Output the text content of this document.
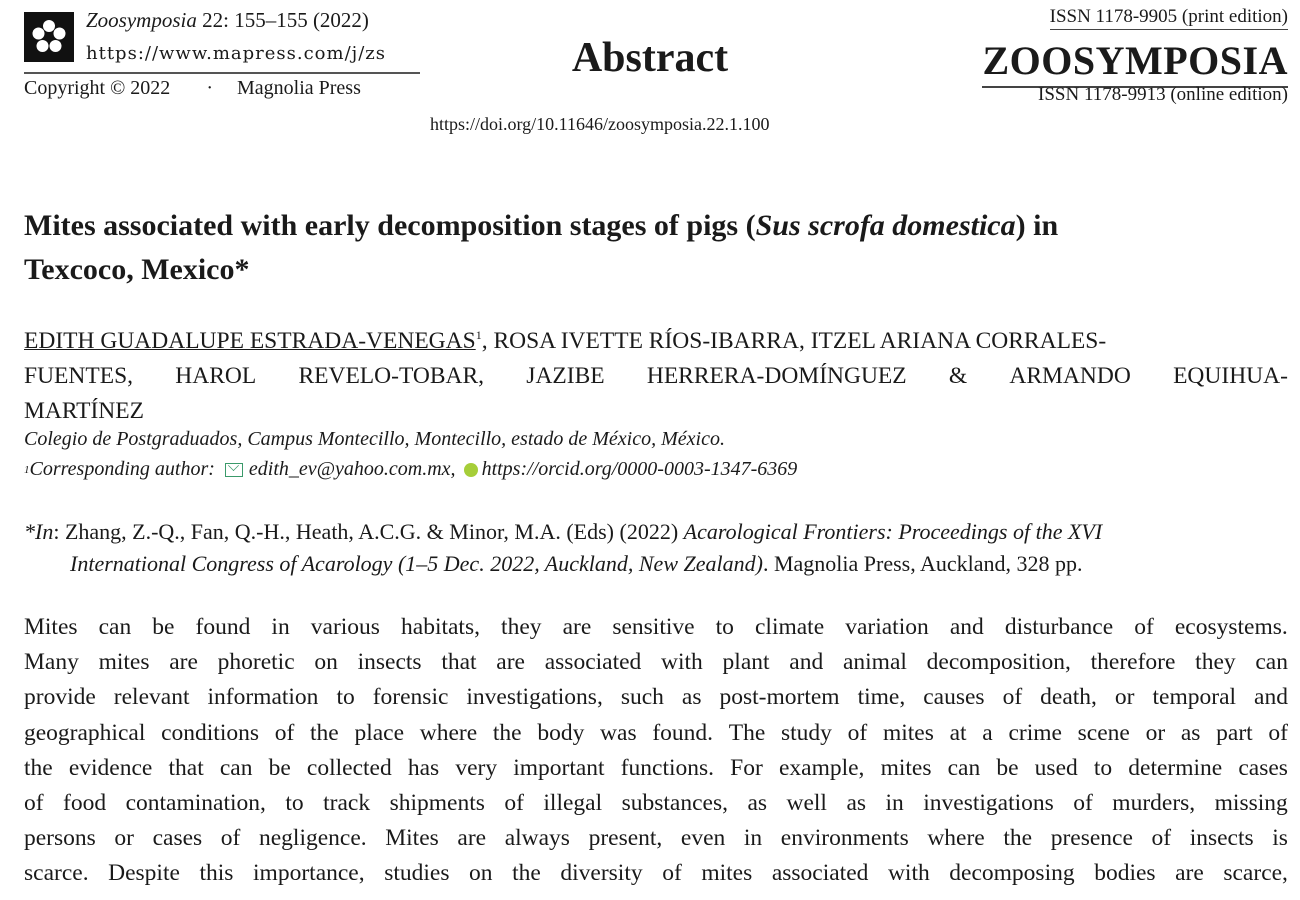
Zoosymposia 22: 155–155 (2022)
https://www.mapress.com/j/zs
Copyright © 2022 · Magnolia Press
Abstract
https://doi.org/10.11646/zoosymposia.22.1.100
ISSN 1178-9905 (print edition)
ZOOSYMPOSIA
ISSN 1178-9913 (online edition)
Mites associated with early decomposition stages of pigs (Sus scrofa domestica) in
Texcoco, Mexico*
EDITH GUADALUPE ESTRADA-VENEGAS$^1$, ROSA IVETTE RÍOS-IBARRA, ITZEL ARIANA CORRALES-
FUENTES, HAROL REVELO-TOBAR, JAZIBE HERRERA-DOMÍNGUEZ & ARMANDO EQUIHUA-
MARTÍNEZ
Colegio de Postgraduados, Campus Montecillo, Montecillo, estado de México, México.
1 Corresponding author: edith_ev@yahoo.com.mx, https://orcid.org/0000-0003-1347-6369
*In: Zhang, Z.-Q., Fan, Q.-H., Heath, A.C.G. & Minor, M.A. (Eds) (2022) Acarological Frontiers: Proceedings of the XVI
International Congress of Acarology (1–5 Dec. 2022, Auckland, New Zealand). Magnolia Press, Auckland, 328 pp.
Mites can be found in various habitats, they are sensitive to climate variation and disturbance of ecosystems.
Many mites are phoretic on insects that are associated with plant and animal decomposition, therefore they can
provide relevant information to forensic investigations, such as post-mortem time, causes of death, or temporal and
geographical conditions of the place where the body was found. The study of mites at a crime scene or as part of
the evidence that can be collected has very important functions. For example, mites can be used to determine cases
of food contamination, to track shipments of illegal substances, as well as in investigations of murders, missing
persons or cases of negligence. Mites are always present, even in environments where the presence of insects is
scarce. Despite this importance, studies on the diversity of mites associated with decomposing bodies are scarce,
